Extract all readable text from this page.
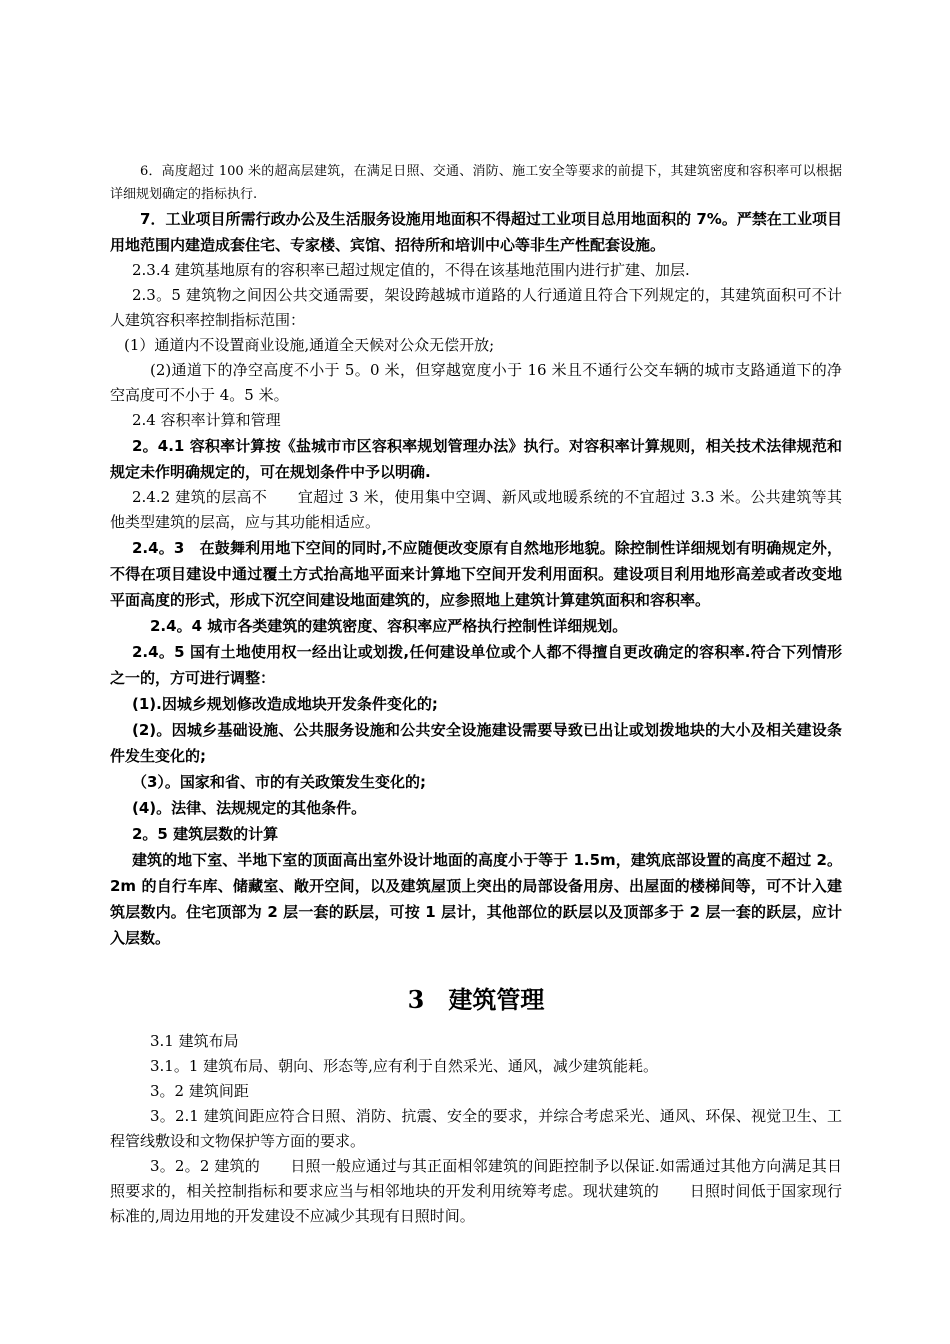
6．高度超过 100 米的超高层建筑，在满足日照、交通、消防、施工安全等要求的前提下，其建筑密度和容积率可以根据详细规划确定的指标执行.

7．工业项目所需行政办公及生活服务设施用地面积不得超过工业项目总用地面积的 7%。严禁在工业项目用地范围内建造成套住宅、专家楼、宾馆、招待所和培训中心等非生产性配套设施。

2.3.4 建筑基地原有的容积率已超过规定值的，不得在该基地范围内进行扩建、加层.

2.3。5 建筑物之间因公共交通需要，架设跨越城市道路的人行通道且符合下列规定的，其建筑面积可不计人建筑容积率控制指标范围：

(1）通道内不设置商业设施,通道全天候对公众无偿开放;

(2)通道下的净空高度不小于 5。0 米，但穿越宽度小于 16 米且不通行公交车辆的城市支路通道下的净空高度可不小于 4。5 米。

2.4 容积率计算和管理

2。4.1 容积率计算按《盐城市市区容积率规划管理办法》执行。对容积率计算规则，相关技术法律规范和规定未作明确规定的，可在规划条件中予以明确.

2.4.2 建筑的层高不　　宜超过 3 米，使用集中空调、新风或地暖系统的不宜超过 3.3 米。公共建筑等其他类型建筑的层高，应与其功能相适应。

2.4。3　在鼓舞利用地下空间的同时,不应随便改变原有自然地形地貌。除控制性详细规划有明确规定外，不得在项目建设中通过覆土方式抬高地平面来计算地下空间开发利用面积。建设项目利用地形高差或者改变地平面高度的形式，形成下沉空间建设地面建筑的，应参照地上建筑计算建筑面积和容积率。

2.4。4 城市各类建筑的建筑密度、容积率应严格执行控制性详细规划。

2.4。5 国有土地使用权一经出让或划拨,任何建设单位或个人都不得擅自更改确定的容积率.符合下列情形之一的，方可进行调整：

(1).因城乡规划修改造成地块开发条件变化的;

(2)。因城乡基础设施、公共服务设施和公共安全设施建设需要导致已出让或划拨地块的大小及相关建设条件发生变化的;

（3）。国家和省、市的有关政策发生变化的;

(4)。法律、法规规定的其他条件。

2。5 建筑层数的计算

建筑的地下室、半地下室的顶面高出室外设计地面的高度小于等于 1.5m，建筑底部设置的高度不超过 2。2m 的自行车库、储藏室、敞开空间，以及建筑屋顶上突出的局部设备用房、出屋面的楼梯间等，可不计入建筑层数内。住宅顶部为 2 层一套的跃层，可按 1 层计，其他部位的跃层以及顶部多于 2 层一套的跃层，应计入层数。

3　建筑管理

3.1 建筑布局

3.1。1 建筑布局、朝向、形态等,应有利于自然采光、通风，减少建筑能耗。

3。2 建筑间距

3。2.1 建筑间距应符合日照、消防、抗震、安全的要求，并综合考虑采光、通风、环保、视觉卫生、工程管线敷设和文物保护等方面的要求。

3。2。2 建筑的　　日照一般应通过与其正面相邻建筑的间距控制予以保证.如需通过其他方向满足其日照要求的，相关控制指标和要求应当与相邻地块的开发利用统筹考虑。现状建筑的　　日照时间低于国家现行标准的,周边用地的开发建设不应减少其现有日照时间。
